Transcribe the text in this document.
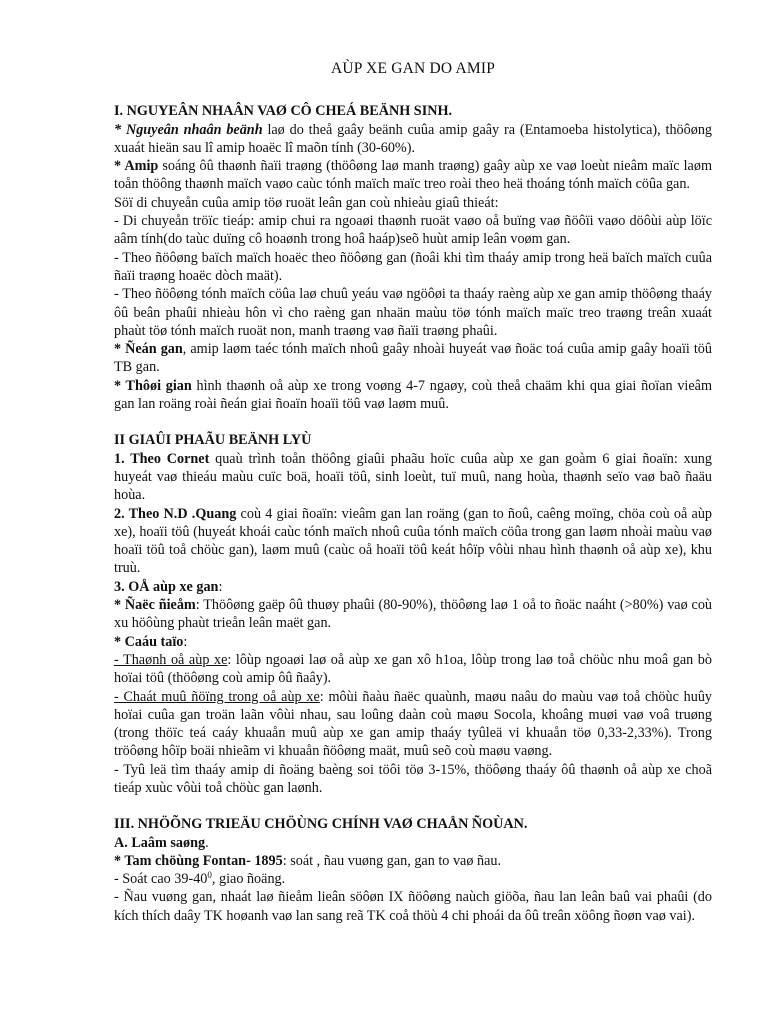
AÙP XE GAN DO AMIP

I. NGUYEÂN NHAÂN VAØ CÔ CHEÁ BEÄNH SINH.

* Nguyeân nhaân beänh laø do theå gaây beänh cuûa amip gaây ra (Entamoeba histolytica), thöôøng xuaát hieän sau lî amip hoaëc lî maõn tính (30-60%).

* Amip soáng ôû thaønh ñaïi traøng (thöôøng laø manh traøng) gaây aùp xe vaø loeùt nieâm maïc laøm toån thöông thaønh maïch vaøo caùc tónh maïch maïc treo roài theo heä thoáng tónh maïch cöûa gan.

Söï di chuyeån cuûa amip töø ruoät leân gan coù nhieàu giaû thieát:

- Di chuyeån tröïc tieáp: amip chui ra ngoaøi thaønh ruoät vaøo oå buïng vaø ñöôïi vaøo döôùi aùp löïc aâm tính(do taùc duïng cô hoaønh trong hoâ haáp)seõ huùt amip leân voøm gan.

- Theo ñöôøng baïch maïch hoaëc theo ñöôøng gan (ñoâi khi tìm thaáy amip trong heä baïch maïch cuûa ñaïi traøng hoaëc dòch maät).

- Theo ñöôøng tónh maïch cöûa laø chuû yeáu vaø ngöôøi ta thaáy raèng aùp xe gan amip thöôøng thaáy ôû beân phaûi nhieàu hôn vì cho raèng gan nhaän maùu töø tónh maïch maïc treo traøng treân xuaát phaùt töø tónh maïch ruoät non, manh traøng vaø ñaïi traøng phaûi.

* Ñeán gan, amip laøm taéc tónh maïch nhoû gaây nhoài huyeát vaø ñoäc toá cuûa amip gaây hoaïi töû TB gan.

* Thôøi gian hình thaønh oå aùp xe trong voøng 4-7 ngaøy, coù theå chaäm khi qua giai ñoïan vieâm gan lan roäng roài ñeán giai ñoaïn hoaïi töû vaø laøm muû.

II GIAÛI PHAÃU BEÄNH LYÙ

1. Theo Cornet quaù trình toån thöông giaûi phaãu hoïc cuûa aùp xe gan goàm 6 giai ñoaïn: xung huyeát vaø thieáu maùu cuïc boä, hoaïi töû, sinh loeùt, tuï muû, nang hoùa, thaønh seïo vaø baõ ñaäu hoùa.

2. Theo N.D .Quang coù 4 giai ñoaïn: vieâm gan lan roäng (gan to ñoû, caêng moïng, chöa coù oå aùp xe), hoaïi töû (huyeát khoái caùc tónh maïch nhoû cuûa tónh maïch cöûa trong gan laøm nhoài maùu vaø hoaïi töû toå chöùc gan), laøm muû (caùc oå hoaïi töû keát hôïp vôùi nhau hình thaønh oå aùp xe), khu truù.

3. OÅ aùp xe gan:

* Ñaëc ñieåm: Thöôøng gaëp ôû thuøy phaûi (80-90%), thöôøng laø 1 oå to ñoäc naáht (>80%) vaø coù xu höôùng phaùt trieån leân maët gan.

* Caáu taïo:

- Thaønh oå aùp xe: lôùp ngoaøi laø oå aùp xe gan xô h1oa, lôùp trong laø toå chöùc nhu moâ gan bò hoïai töû (thöôøng coù amip ôû ñaây).

- Chaát muû ñöïng trong oå aùp xe: môùi ñaàu ñaëc quaùnh, maøu naâu do maùu vaø toå chöùc huûy hoïai cuûa gan troän laãn vôùi nhau, sau loûng daàn coù maøu Socola, khoâng muøi vaø voâ truøng (trong thöïc teá caáy khuaån muû aùp xe gan amip thaáy tyûleä vi khuaån töø 0,33-2,33%). Trong tröôøng hôïp boäi nhieãm vi khuaån ñöôøng maät, muû seõ coù maøu vaøng.

- Tyû leä tìm thaáy amip di ñoäng baèng soi töôi töø 3-15%, thöôøng thaáy ôû thaønh oå aùp xe choã tieáp xuùc vôùi toå chöùc gan laønh.

III. NHÖÕNG TRIEÄU CHÖÙNG CHÍNH VAØ CHAÅN ÑOÙAN.

A. Laâm saøng.

* Tam chöùng Fontan- 1895: soát , ñau vuøng gan, gan to vaø ñau.

- Soát cao $39-40^0$, giao ñoäng.

- Ñau vuøng gan, nhaát laø ñieåm lieân söôøn IX ñöôøng naùch giöõa, ñau lan leân baû vai phaûi (do kích thích daây TK hoøanh vaø lan sang reã TK coå thöù 4 chi phoái da ôû treân xöông ñoøn vaø vai).
